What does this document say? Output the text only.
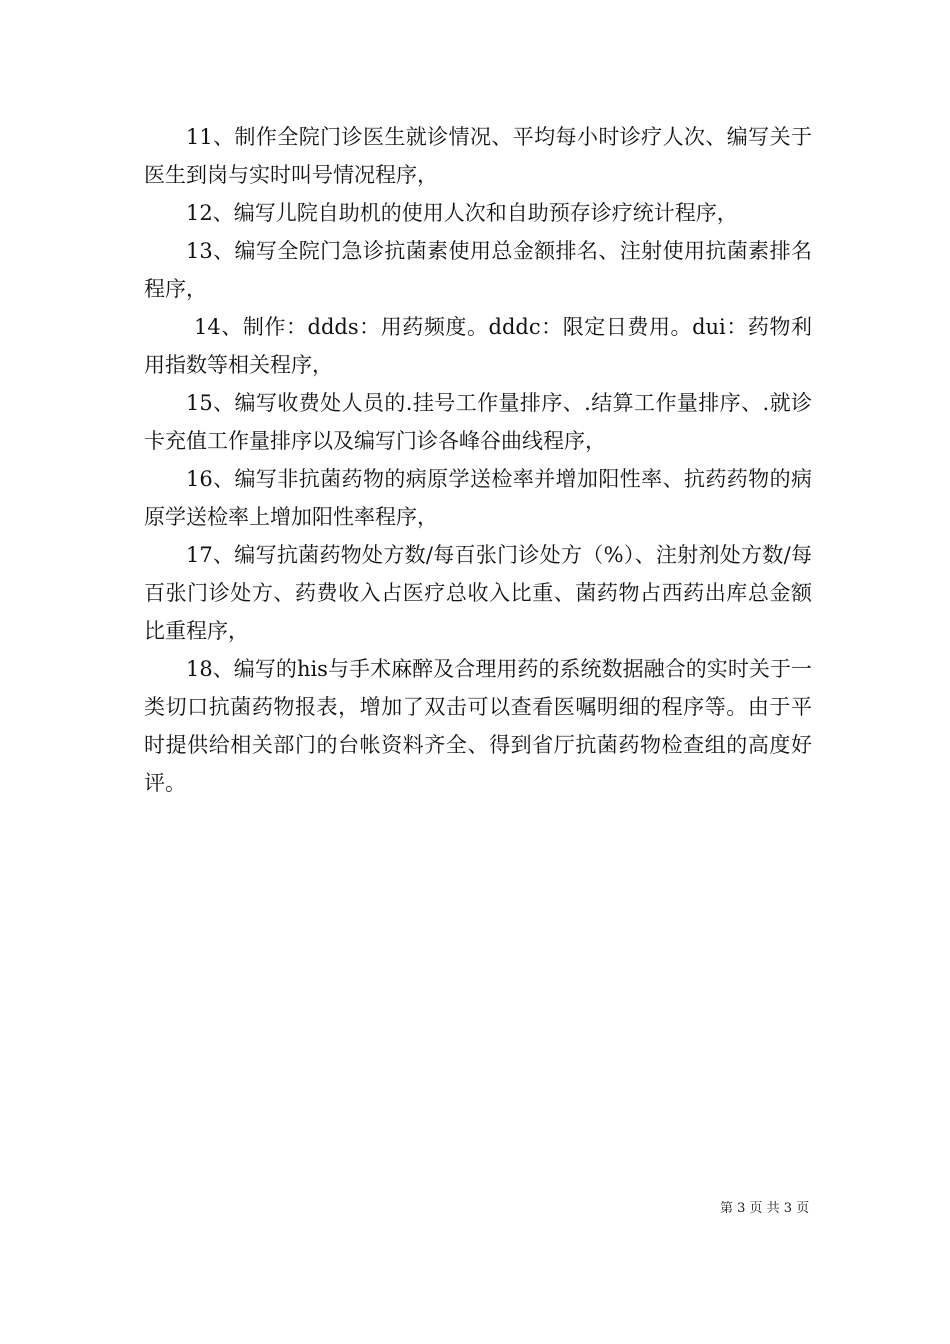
11、制作全院门诊医生就诊情况、平均每小时诊疗人次、编写关于医生到岗与实时叫号情况程序，

12、编写儿院自助机的使用人次和自助预存诊疗统计程序，

13、编写全院门急诊抗菌素使用总金额排名、注射使用抗菌素排名程序，

14、制作：ddds：用药频度。dddc：限定日费用。dui：药物利用指数等相关程序，

15、编写收费处人员的.挂号工作量排序、.结算工作量排序、.就诊卡充值工作量排序以及编写门诊各峰谷曲线程序，

16、编写非抗菌药物的病原学送检率并增加阳性率、抗药药物的病原学送检率上增加阳性率程序，

17、编写抗菌药物处方数/每百张门诊处方（%）、注射剂处方数/每百张门诊处方、药费收入占医疗总收入比重、菌药物占西药出库总金额比重程序，

18、编写的his与手术麻醉及合理用药的系统数据融合的实时关于一类切口抗菌药物报表，增加了双击可以查看医嘱明细的程序等。由于平时提供给相关部门的台帐资料齐全、得到省厅抗菌药物检查组的高度好评。

第 3 页 共 3 页
